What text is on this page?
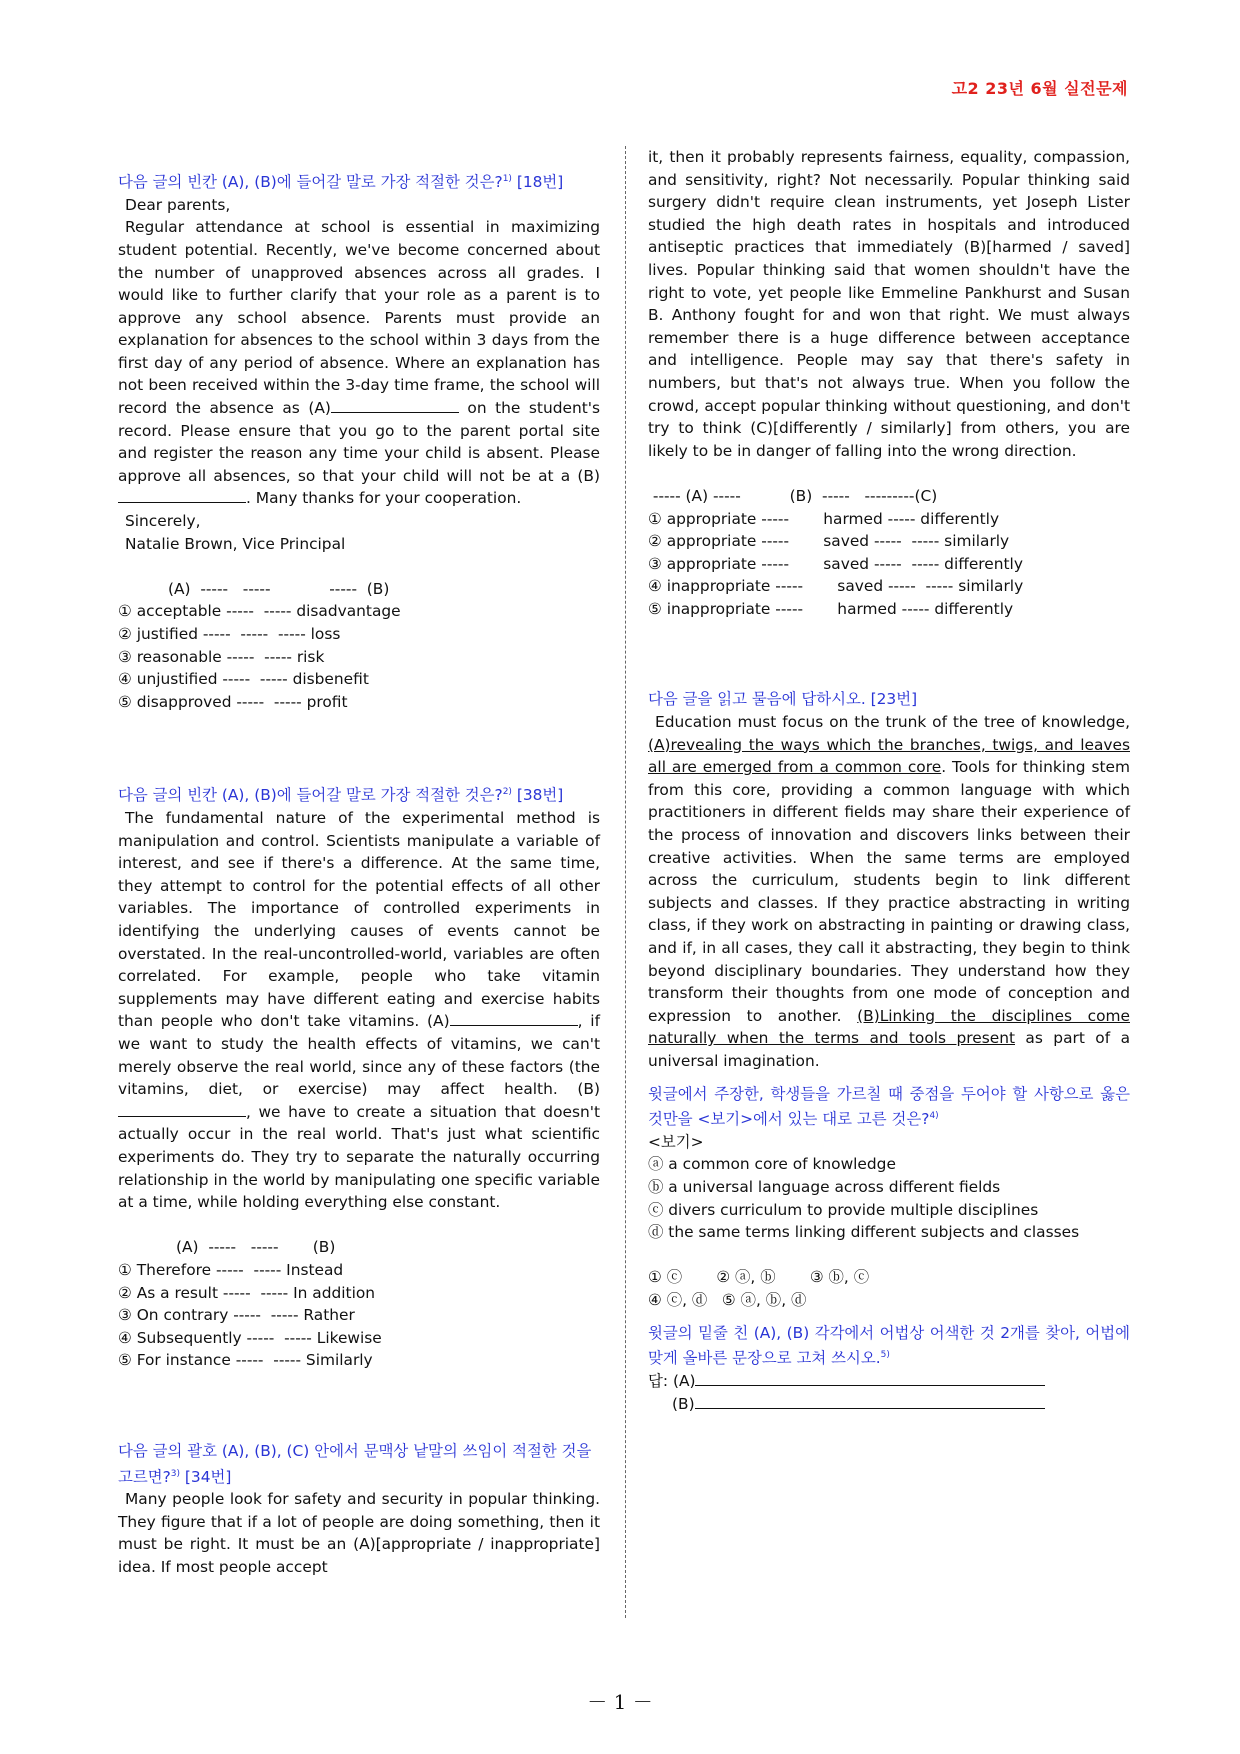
고2 23년 6월 실전문제
다음 글의 빈칸 (A), (B)에 들어갈 말로 가장 적절한 것은?$^{1)}$ [18번]

Dear parents,

Regular attendance at school is essential in maximizing student potential. Recently, we've become concerned about the number of unapproved absences across all grades. I would like to further clarify that your role as a parent is to approve any school absence. Parents must provide an explanation for absences to the school within 3 days from the first day of any period of absence. Where an explanation has not been received within the 3-day time frame, the school will record the absence as (A)	on the student's record. Please ensure that you go to the parent portal site and register the reason any time your child is absent. Please approve all absences, so that your child will not be at a (B). Many thanks for your cooperation.

Sincerely,

Natalie Brown, Vice Principal

(A)  -----   -----            -----  (B)

① acceptable -----  ----- disadvantage

② justified -----  -----  ----- loss

③ reasonable -----  ----- risk

④ unjustified -----  ----- disbenefit

⑤ disapproved -----  ----- profit

다음 글의 빈칸 (A), (B)에 들어갈 말로 가장 적절한 것은?$^{2)}$ [38번]

The fundamental nature of the experimental method is manipulation and control. Scientists manipulate a variable of interest, and see if there's a difference. At the same time, they attempt to control for the potential effects of all other variables. The importance of controlled experiments in identifying the underlying causes of events cannot be overstated. In the real-uncontrolled-world, variables are often correlated. For example, people who take vitamin supplements may have different eating and exercise habits than people who don't take vitamins. (A)	, if we want to study the health effects of vitamins, we can't merely observe the real world, since any of these factors (the vitamins, diet, or exercise) may affect health. (B), we have to create a situation that doesn't actually occur in the real world. That's just what scientific experiments do. They try to separate the naturally occurring relationship in the world by manipulating one specific variable at a time, while holding everything else constant.

(A)  -----   -----       (B)

① Therefore -----  ----- Instead

② As a result -----  ----- In addition

③ On contrary -----  ----- Rather

④ Subsequently -----  ----- Likewise

⑤ For instance -----  ----- Similarly

다음 글의 괄호 (A), (B), (C) 안에서 문맥상 낱말의 쓰임이 적절한 것을 고르면?$^{3)}$ [34번]

Many people look for safety and security in popular thinking. They figure that if a lot of people are doing something, then it must be right. It must be an (A)[appropriate / inappropriate] idea. If most people accept

it, then it probably represents fairness, equality, compassion, and sensitivity, right? Not necessarily. Popular thinking said surgery didn't require clean instruments, yet Joseph Lister studied the high death rates in hospitals and introduced antiseptic practices that immediately (B)[harmed / saved] lives. Popular thinking said that women shouldn't have the right to vote, yet people like Emmeline Pankhurst and Susan B. Anthony fought for and won that right. We must always remember there is a huge difference between acceptance and intelligence. People may say that there's safety in numbers, but that's not always true. When you follow the crowd, accept popular thinking without questioning, and don't try to think (C)[differently / similarly] from others, you are likely to be in danger of falling into the wrong direction.

----- (A) -----          (B)  -----   ---------(C)

① appropriate -----       harmed ----- differently

② appropriate -----       saved -----  ----- similarly

③ appropriate -----       saved -----  ----- differently

④ inappropriate -----       saved -----  ----- similarly

⑤ inappropriate -----       harmed ----- differently

다음 글을 읽고 물음에 답하시오. [23번]

Education must focus on the trunk of the tree of knowledge, (A)revealing the ways which the branches, twigs, and leaves all are emerged from a common core. Tools for thinking stem from this core, providing a common language with which practitioners in different fields may share their experience of the process of innovation and discovers links between their creative activities. When the same terms are employed across the curriculum, students begin to link different subjects and classes. If they practice abstracting in writing class, if they work on abstracting in painting or drawing class, and if, in all cases, they call it abstracting, they begin to think beyond disciplinary boundaries. They understand how they transform their thoughts from one mode of conception and expression to another. (B)Linking the disciplines come naturally when the terms and tools present as part of a universal imagination.

윗글에서 주장한, 학생들을 가르칠 때 중점을 두어야 할 사항으로 옳은 것만을 <보기>에서 있는 대로 고른 것은?$^{4)}$

<보기>

ⓐ a common core of knowledge

ⓑ a universal language across different fields

ⓒ divers curriculum to provide multiple disciplines

ⓓ the same terms linking different subjects and classes

① ⓒ       ② ⓐ, ⓑ       ③ ⓑ, ⓒ

④ ⓒ, ⓓ   ⑤ ⓐ, ⓑ, ⓓ

윗글의 밑줄 친 (A), (B) 각각에서 어법상 어색한 것 2개를 찾아, 어법에 맞게 올바른 문장으로 고쳐 쓰시오.$^{5)}$

답: (A)

(B)

－ 1 －
